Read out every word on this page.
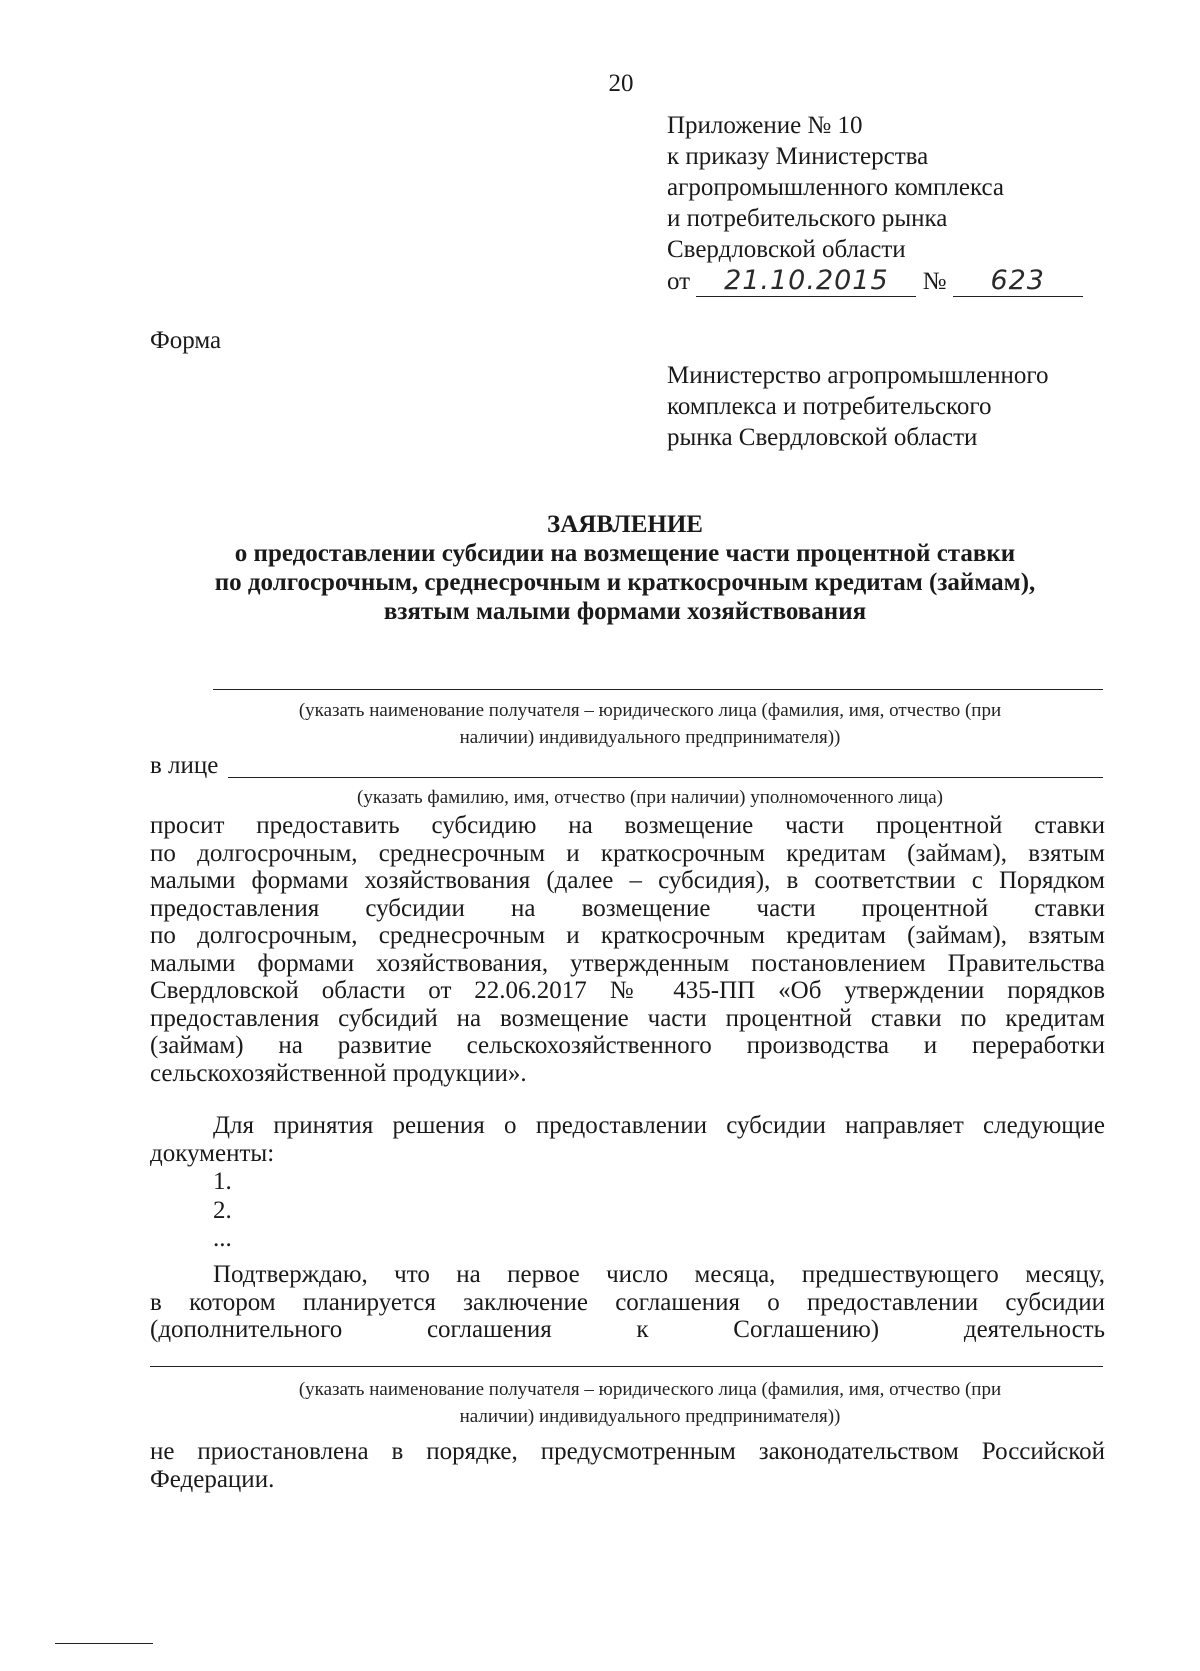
20
Приложение № 10
к приказу Министерства
агропромышленного комплекса
и потребительского рынка
Свердловской области
от 21.10.2015 № 623
Форма
Министерство агропромышленного
комплекса и потребительского
рынка Свердловской области
ЗАЯВЛЕНИЕ
о предоставлении субсидии на возмещение части процентной ставки
по долгосрочным, среднесрочным и краткосрочным кредитам (займам),
взятым малыми формами хозяйствования
(указать наименование получателя – юридического лица (фамилия, имя, отчество (при
наличии) индивидуального предпринимателя))
в лице
(указать фамилию, имя, отчество (при наличии) уполномоченного лица)
просит предоставить субсидию на возмещение части процентной ставки
по долгосрочным, среднесрочным и краткосрочным кредитам (займам), взятым
малыми формами хозяйствования (далее – субсидия), в соответствии с Порядком
предоставления субсидии на возмещение части процентной ставки
по долгосрочным, среднесрочным и краткосрочным кредитам (займам), взятым
малыми формами хозяйствования, утвержденным постановлением Правительства
Свердловской области от 22.06.2017 № 435-ПП «Об утверждении порядков
предоставления субсидий на возмещение части процентной ставки по кредитам
(займам) на развитие сельскохозяйственного производства и переработки
сельскохозяйственной продукции».
Для принятия решения о предоставлении субсидии направляет следующие
документы:
1.
2.
...
Подтверждаю, что на первое число месяца, предшествующего месяцу,
в котором планируется заключение соглашения о предоставлении субсидии
(дополнительного соглашения к Соглашению) деятельность
(указать наименование получателя – юридического лица (фамилия, имя, отчество (при
наличии) индивидуального предпринимателя))
не приостановлена в порядке, предусмотренным законодательством Российской
Федерации.
